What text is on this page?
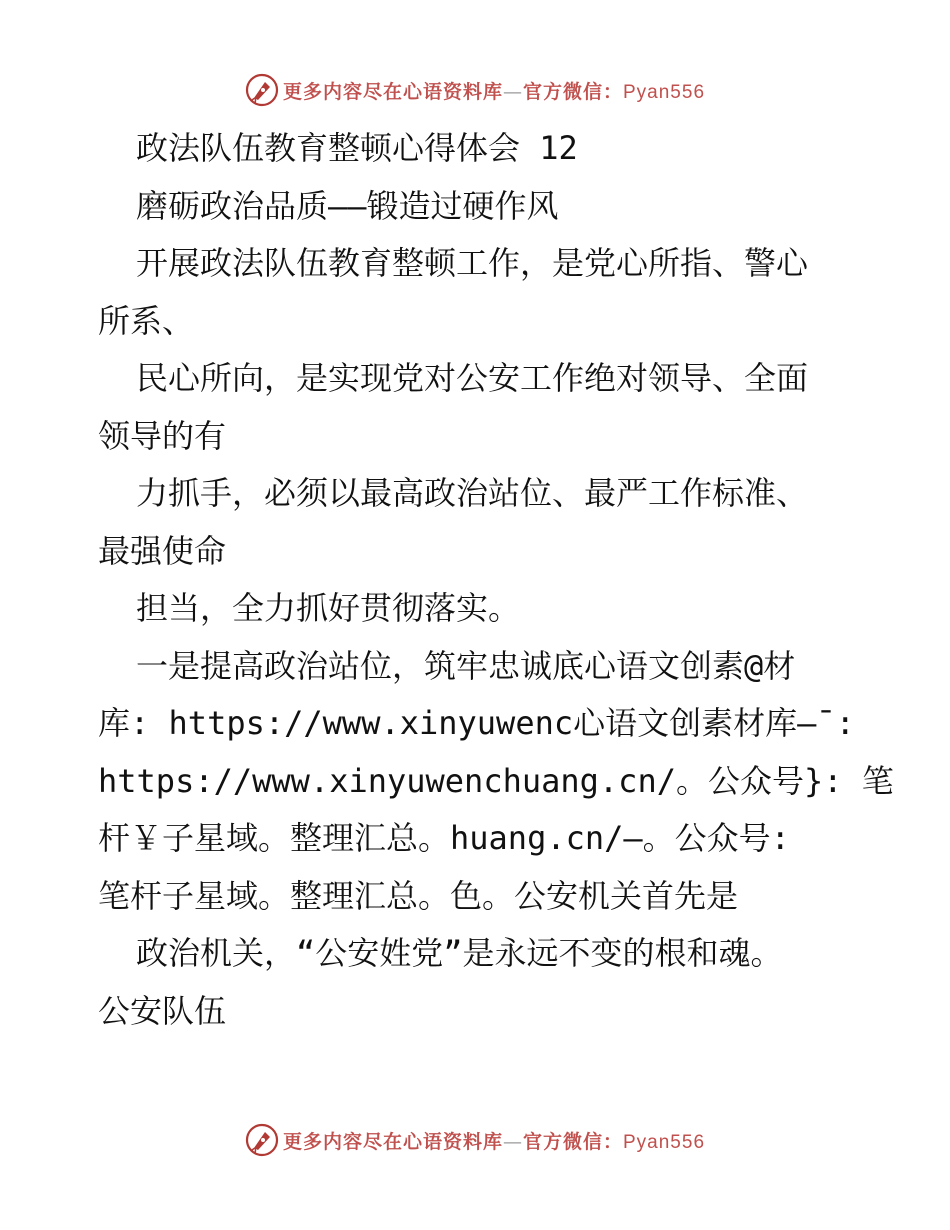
更多内容尽在心语资料库—官方微信：Pyan556
政法队伍教育整顿心得体会 12
磨砺政治品质——锻造过硬作风
开展政法队伍教育整顿工作，是党心所指、警心
所系、
民心所向，是实现党对公安工作绝对领导、全面
领导的有
力抓手，必须以最高政治站位、最严工作标准、
最强使命
担当，全力抓好贯彻落实。
一是提高政治站位，筑牢忠诚底心语文创素@材
库: https://www.xinyuwenc心语文创素材库—¯:
https://www.xinyuwenchuang.cn/。公众号}: 笔
杆￥子星域。整理汇总。huang.cn/—。公众号:
笔杆子星域。整理汇总。色。公安机关首先是
政治机关，“公安姓党”是永远不变的根和魂。
公安队伍
更多内容尽在心语资料库—官方微信：Pyan556
